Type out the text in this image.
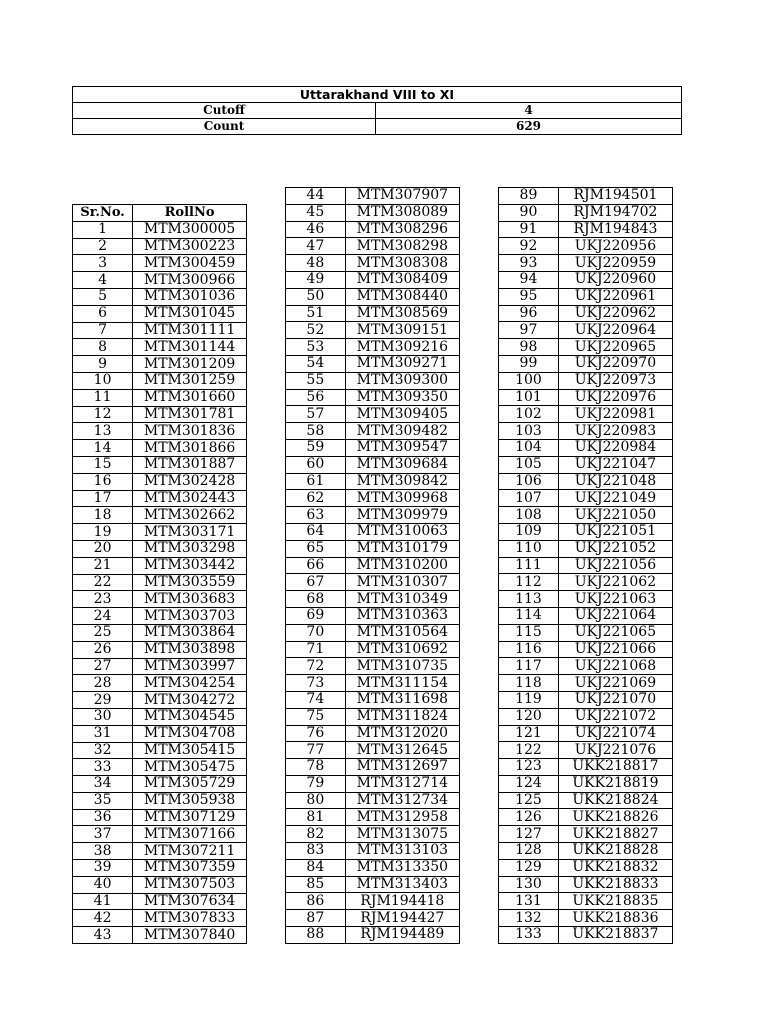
Uttarakhand VIII to XI	
Cutoff	4
Count	629
Sr.No.	RollNo
1	MTM300005
2	MTM300223
3	MTM300459
4	MTM300966
5	MTM301036
6	MTM301045
7	MTM301111
8	MTM301144
9	MTM301209
10	MTM301259
11	MTM301660
12	MTM301781
13	MTM301836
14	MTM301866
15	MTM301887
16	MTM302428
17	MTM302443
18	MTM302662
19	MTM303171
20	MTM303298
21	MTM303442
22	MTM303559
23	MTM303683
24	MTM303703
25	MTM303864
26	MTM303898
27	MTM303997
28	MTM304254
29	MTM304272
30	MTM304545
31	MTM304708
32	MTM305415
33	MTM305475
34	MTM305729
35	MTM305938
36	MTM307129
37	MTM307166
38	MTM307211
39	MTM307359
40	MTM307503
41	MTM307634
42	MTM307833
43	MTM307840
44	MTM307907
45	MTM308089
46	MTM308296
47	MTM308298
48	MTM308308
49	MTM308409
50	MTM308440
51	MTM308569
52	MTM309151
53	MTM309216
54	MTM309271
55	MTM309300
56	MTM309350
57	MTM309405
58	MTM309482
59	MTM309547
60	MTM309684
61	MTM309842
62	MTM309968
63	MTM309979
64	MTM310063
65	MTM310179
66	MTM310200
67	MTM310307
68	MTM310349
69	MTM310363
70	MTM310564
71	MTM310692
72	MTM310735
73	MTM311154
74	MTM311698
75	MTM311824
76	MTM312020
77	MTM312645
78	MTM312697
79	MTM312714
80	MTM312734
81	MTM312958
82	MTM313075
83	MTM313103
84	MTM313350
85	MTM313403
86	RJM194418
87	RJM194427
88	RJM194489
89	RJM194501
90	RJM194702
91	RJM194843
92	UKJ220956
93	UKJ220959
94	UKJ220960
95	UKJ220961
96	UKJ220962
97	UKJ220964
98	UKJ220965
99	UKJ220970
100	UKJ220973
101	UKJ220976
102	UKJ220981
103	UKJ220983
104	UKJ220984
105	UKJ221047
106	UKJ221048
107	UKJ221049
108	UKJ221050
109	UKJ221051
110	UKJ221052
111	UKJ221056
112	UKJ221062
113	UKJ221063
114	UKJ221064
115	UKJ221065
116	UKJ221066
117	UKJ221068
118	UKJ221069
119	UKJ221070
120	UKJ221072
121	UKJ221074
122	UKJ221076
123	UKK218817
124	UKK218819
125	UKK218824
126	UKK218826
127	UKK218827
128	UKK218828
129	UKK218832
130	UKK218833
131	UKK218835
132	UKK218836
133	UKK218837
